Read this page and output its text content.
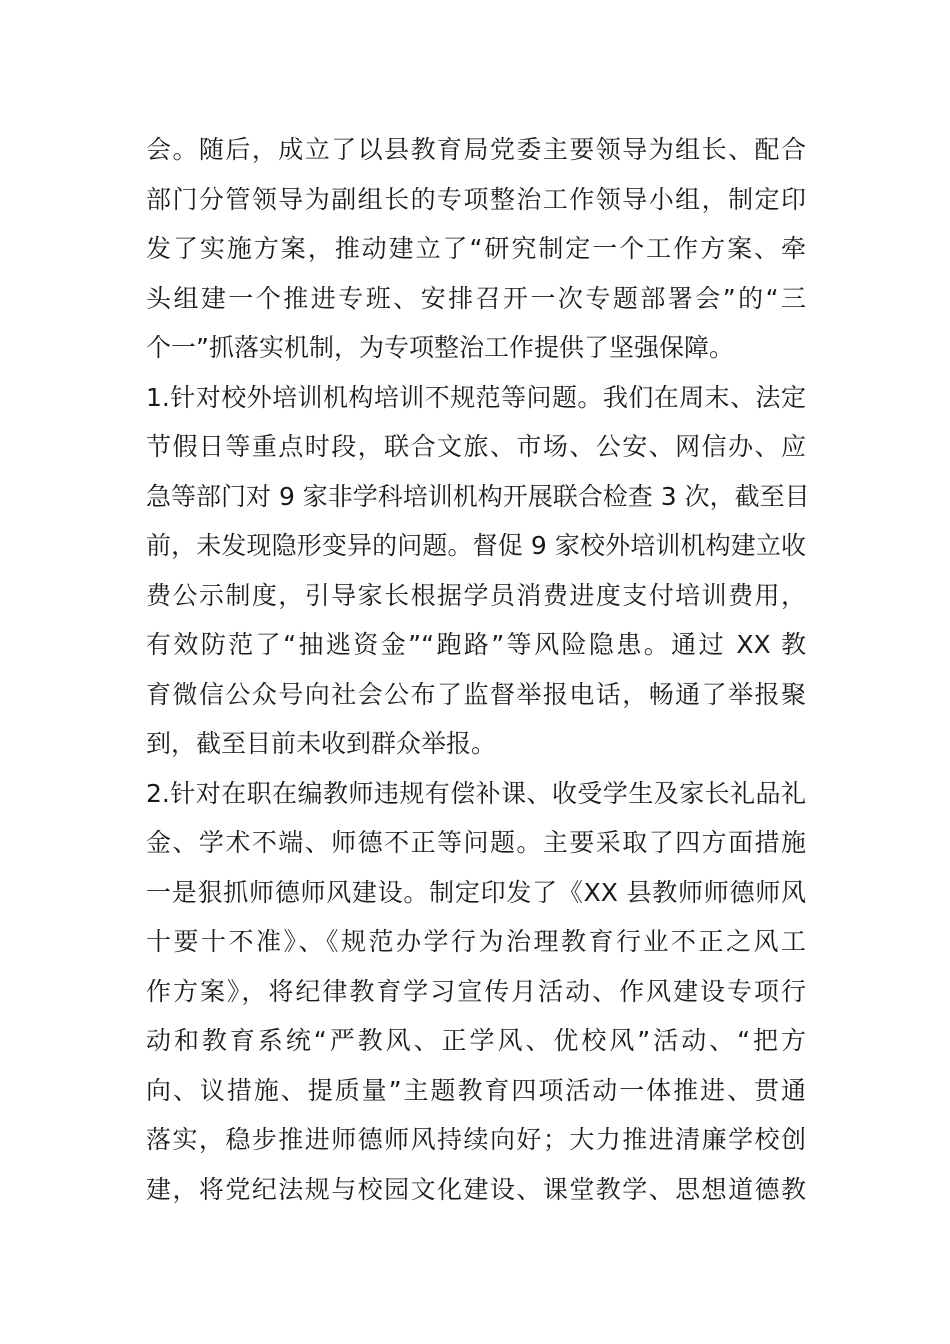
会。随后，成立了以县教育局党委主要领导为组长、配合
部门分管领导为副组长的专项整治工作领导小组，制定印
发了实施方案，推动建立了“研究制定一个工作方案、牵
头组建一个推进专班、安排召开一次专题部署会”的“三
个一”抓落实机制，为专项整治工作提供了坚强保障。
1.针对校外培训机构培训不规范等问题。我们在周末、法定
节假日等重点时段，联合文旅、市场、公安、网信办、应
急等部门对 9 家非学科培训机构开展联合检查 3 次，截至目
前，未发现隐形变异的问题。督促 9 家校外培训机构建立收
费公示制度，引导家长根据学员消费进度支付培训费用，
有效防范了“抽逃资金”“跑路”等风险隐患。通过 XX 教
育微信公众号向社会公布了监督举报电话，畅通了举报聚
到，截至目前未收到群众举报。
2.针对在职在编教师违规有偿补课、收受学生及家长礼品礼
金、学术不端、师德不正等问题。主要采取了四方面措施
一是狠抓师德师风建设。制定印发了《XX 县教师师德师风
十要十不准》、《规范办学行为治理教育行业不正之风工
作方案》，将纪律教育学习宣传月活动、作风建设专项行
动和教育系统“严教风、正学风、优校风”活动、“把方
向、议措施、提质量”主题教育四项活动一体推进、贯通
落实，稳步推进师德师风持续向好；大力推进清廉学校创
建，将党纪法规与校园文化建设、课堂教学、思想道德教
